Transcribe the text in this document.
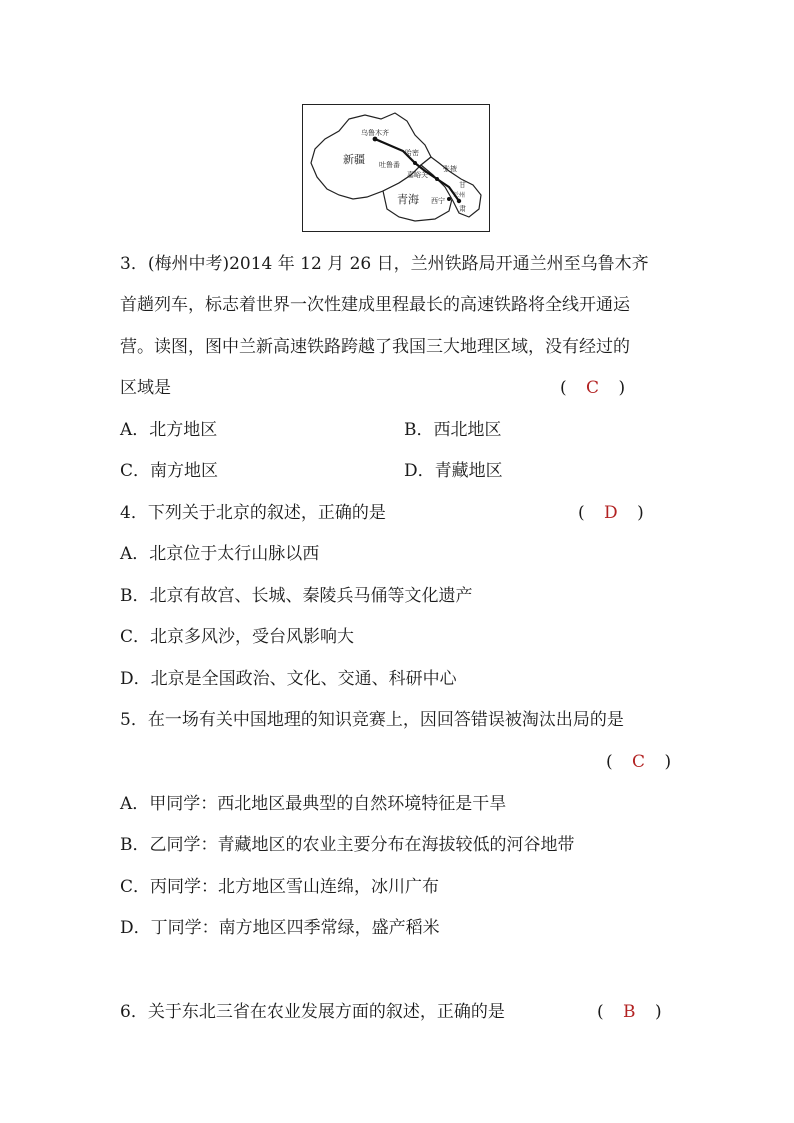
乌鲁木齐
哈密
新疆 吐鲁番	张掖
嘉峪关
甘
青海 西宁
兰州
肃
3．(梅州中考)2014 年 12 月 26 日，兰州铁路局开通兰州至乌鲁木齐
首趟列车，标志着世界一次性建成里程最长的高速铁路将全线开通运
营。读图，图中兰新高速铁路跨越了我国三大地理区域，没有经过的
区域是	( C )
A．北方地区	B．西北地区
C．南方地区	D．青藏地区
4．下列关于北京的叙述，正确的是	( D )
A．北京位于太行山脉以西
B．北京有故宫、长城、秦陵兵马俑等文化遗产
C．北京多风沙，受台风影响大
D．北京是全国政治、文化、交通、科研中心
5．在一场有关中国地理的知识竞赛上，因回答错误被淘汰出局的是
( C )
A．甲同学：西北地区最典型的自然环境特征是干旱
B．乙同学：青藏地区的农业主要分布在海拔较低的河谷地带
C．丙同学：北方地区雪山连绵，冰川广布
D．丁同学：南方地区四季常绿，盛产稻米
6．关于东北三省在农业发展方面的叙述，正确的是	( B )
